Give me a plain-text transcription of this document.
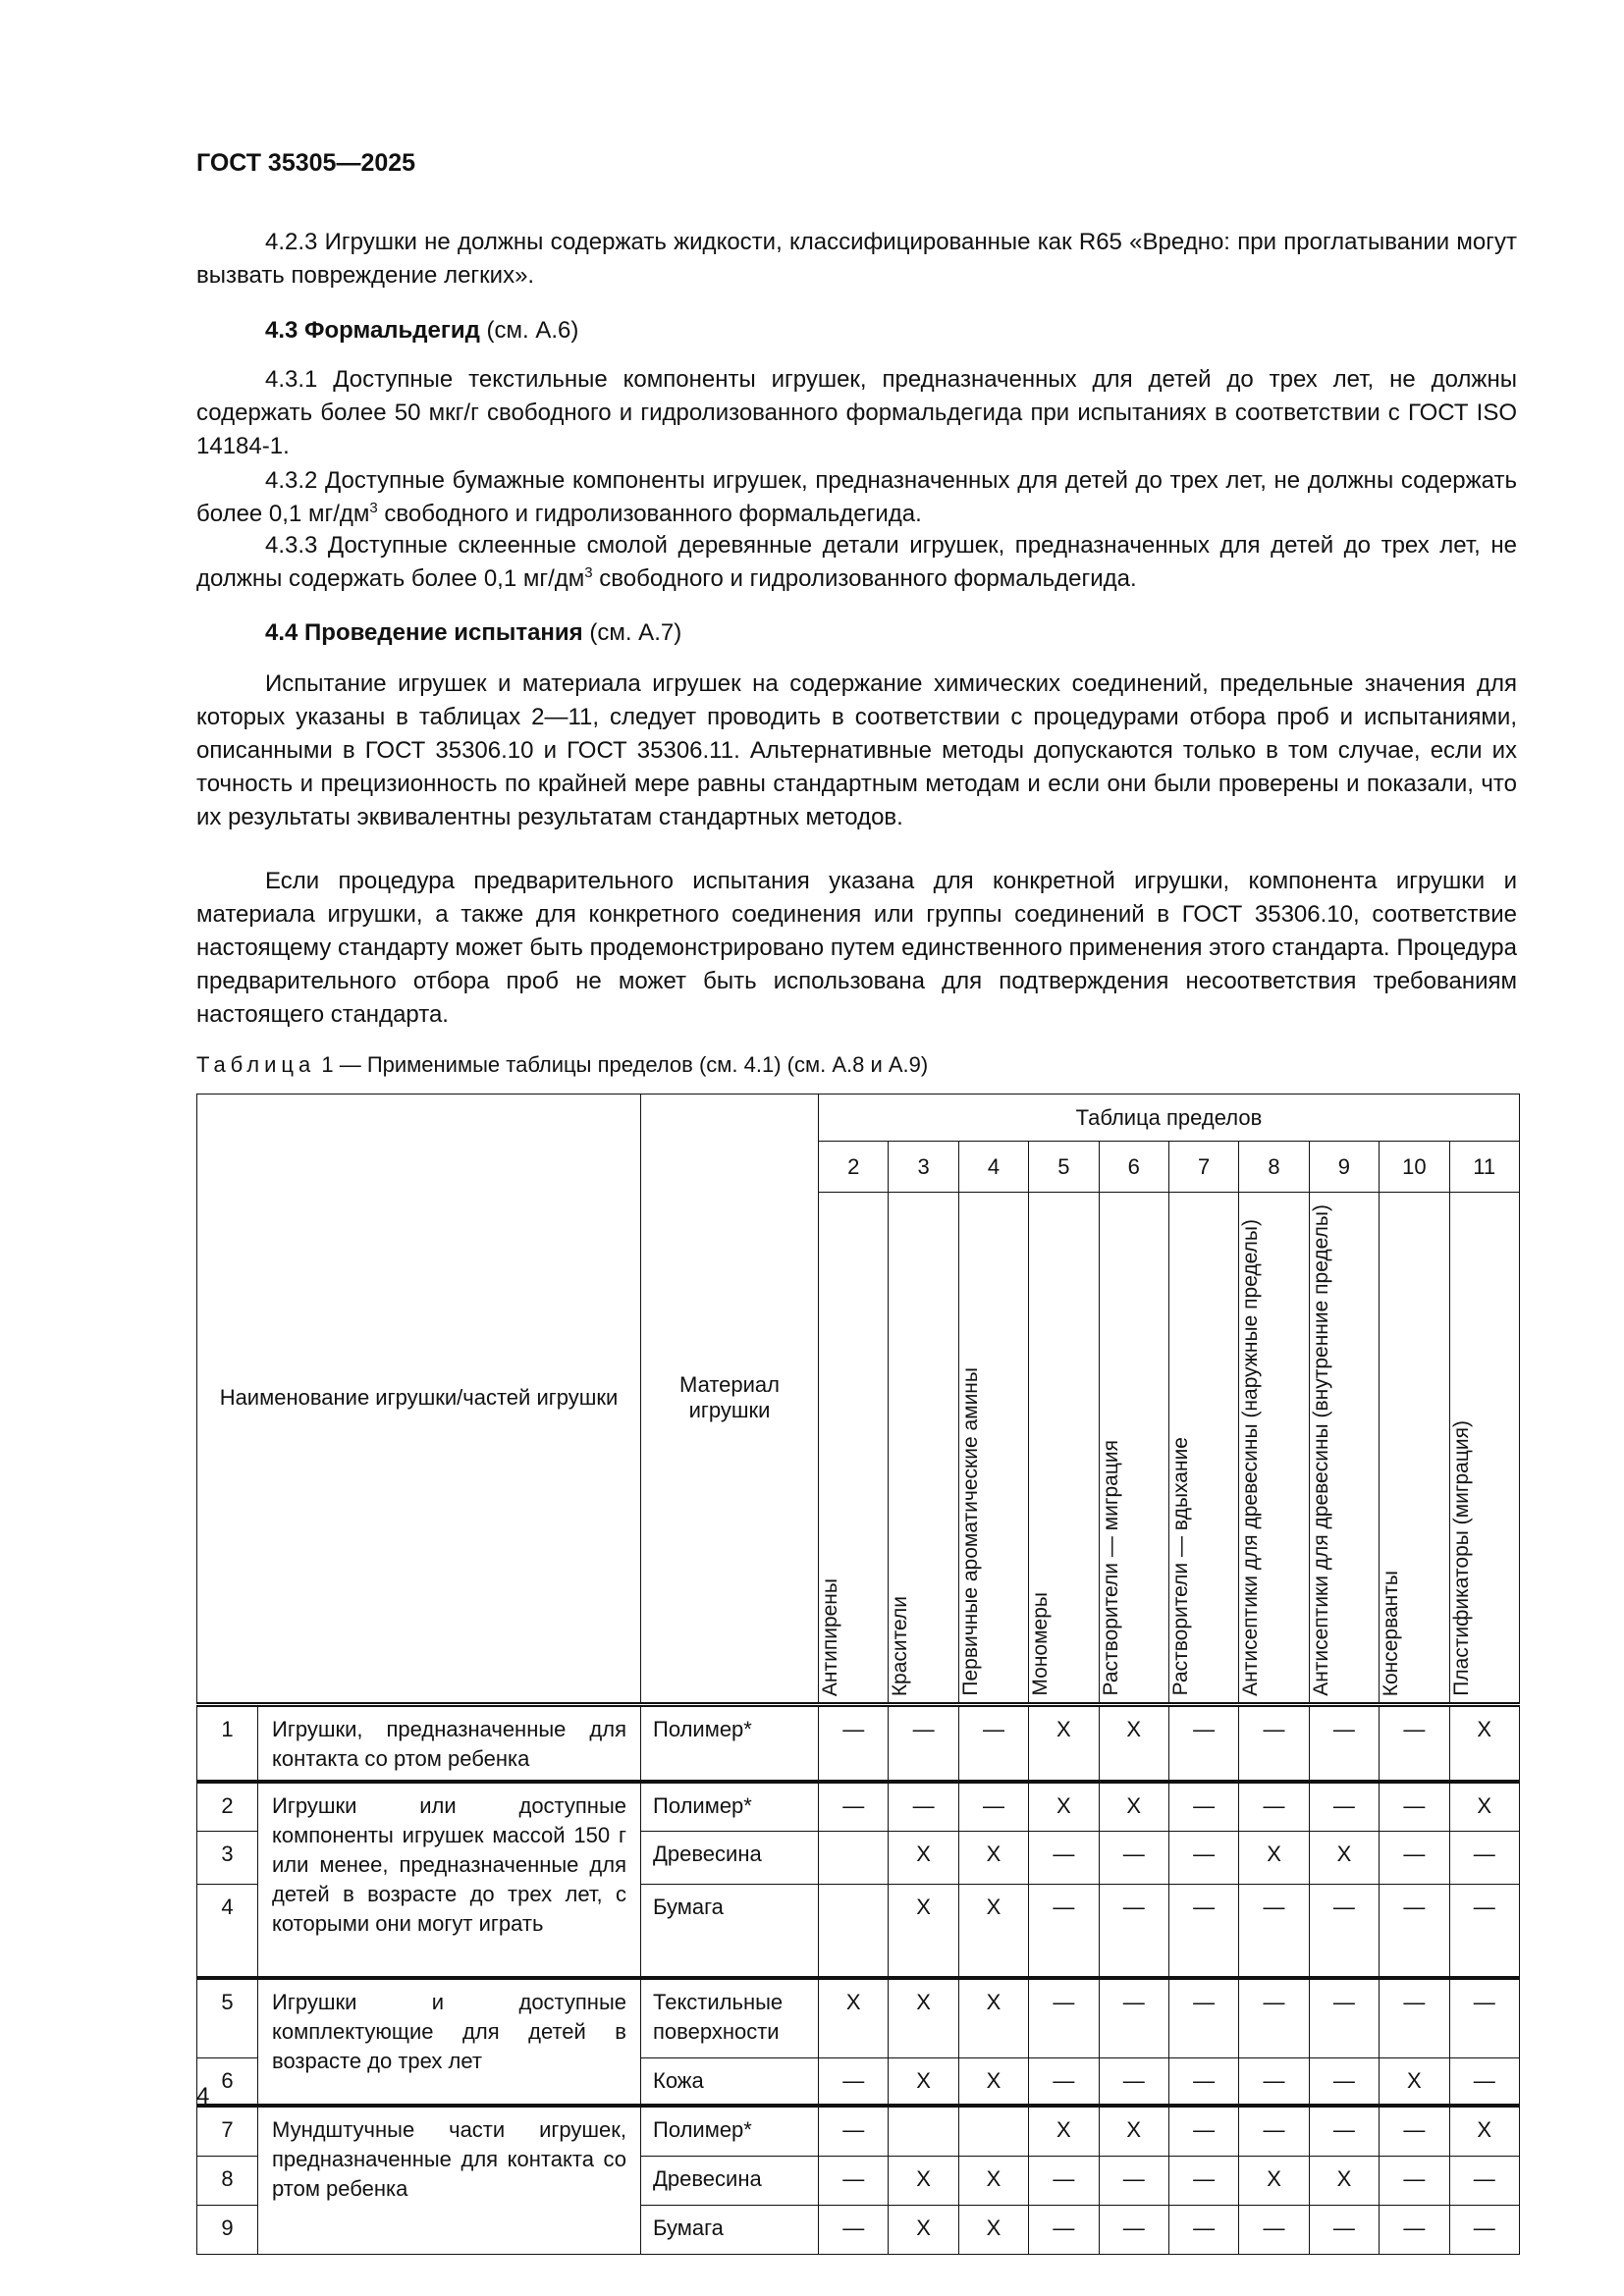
ГОСТ 35305—2025
4.2.3 Игрушки не должны содержать жидкости, классифицированные как R65 «Вредно: при проглатывании могут вызвать повреждение легких».
4.3 Формальдегид (см. А.6)
4.3.1 Доступные текстильные компоненты игрушек, предназначенных для детей до трех лет, не должны содержать более 50 мкг/г свободного и гидролизованного формальдегида при испытаниях в соответствии с ГОСТ ISO 14184-1.
4.3.2 Доступные бумажные компоненты игрушек, предназначенных для детей до трех лет, не должны содержать более 0,1 $мг/дм^3$ свободного и гидролизованного формальдегида.
4.3.3 Доступные склеенные смолой деревянные детали игрушек, предназначенных для детей до трех лет, не должны содержать более 0,1 $мг/дм^3$ свободного и гидролизованного формальдегида.
4.4 Проведение испытания (см. А.7)
Испытание игрушек и материала игрушек на содержание химических соединений, предельные значения для которых указаны в таблицах 2—11, следует проводить в соответствии с процедурами отбора проб и испытаниями, описанными в ГОСТ 35306.10 и ГОСТ 35306.11. Альтернативные методы допускаются только в том случае, если их точность и прецизионность по крайней мере равны стандартным методам и если они были проверены и показали, что их результаты эквивалентны результатам стандартных методов.
Если процедура предварительного испытания указана для конкретной игрушки, компонента игрушки и материала игрушки, а также для конкретного соединения или группы соединений в ГОСТ 35306.10, соответствие настоящему стандарту может быть продемонстрировано путем единственного применения этого стандарта. Процедура предварительного отбора проб не может быть использована для подтверждения несоответствия требованиям настоящего стандарта.
Таблица 1 — Применимые таблицы пределов (см. 4.1) (см. А.8 и А.9)
Наименование игрушки/частей игрушки		Материал игрушки	Таблица пределов									
			2	3	4	5	6	7	8	9	10	11

			Антипирены	Красители	Первичные ароматические амины	Мономеры	Растворители — миграция	Растворители — вдыхание	Антисептики для древесины (наружные пределы)	Антисептики для древесины (внутренние пределы)	Консерванты	Пластификаторы (миграция)

1	Игрушки, предназначенные для контакта со ртом ребенка	Полимер*	—	—	—	X	X	—	—	—	—	X
2	Игрушки или доступные компоненты игрушек массой 150 г или менее, предназначенные для детей в возрасте до трех лет, с которыми они могут играть	Полимер*	—	—	—	X	X	—	—	—	—	X
3		Древесина		X	X	—	—	—	X	X	—	—
4		Бумага		X	X	—	—	—	—	—	—	—
5	Игрушки и доступные комплектующие для детей в возрасте до трех лет	Текстильные поверхности	X	X	X	—	—	—	—	—	—	—
6		Кожа	—	X	X	—	—	—	—	—	X	—
7	Мундштучные части игрушек, предназначенные для контакта со ртом ребенка	Полимер*	—			X	X	—	—	—	—	X
8		Древесина	—	X	X	—	—	—	X	X	—	—
9		Бумага	—	X	X	—	—	—	—	—	—	—
4
